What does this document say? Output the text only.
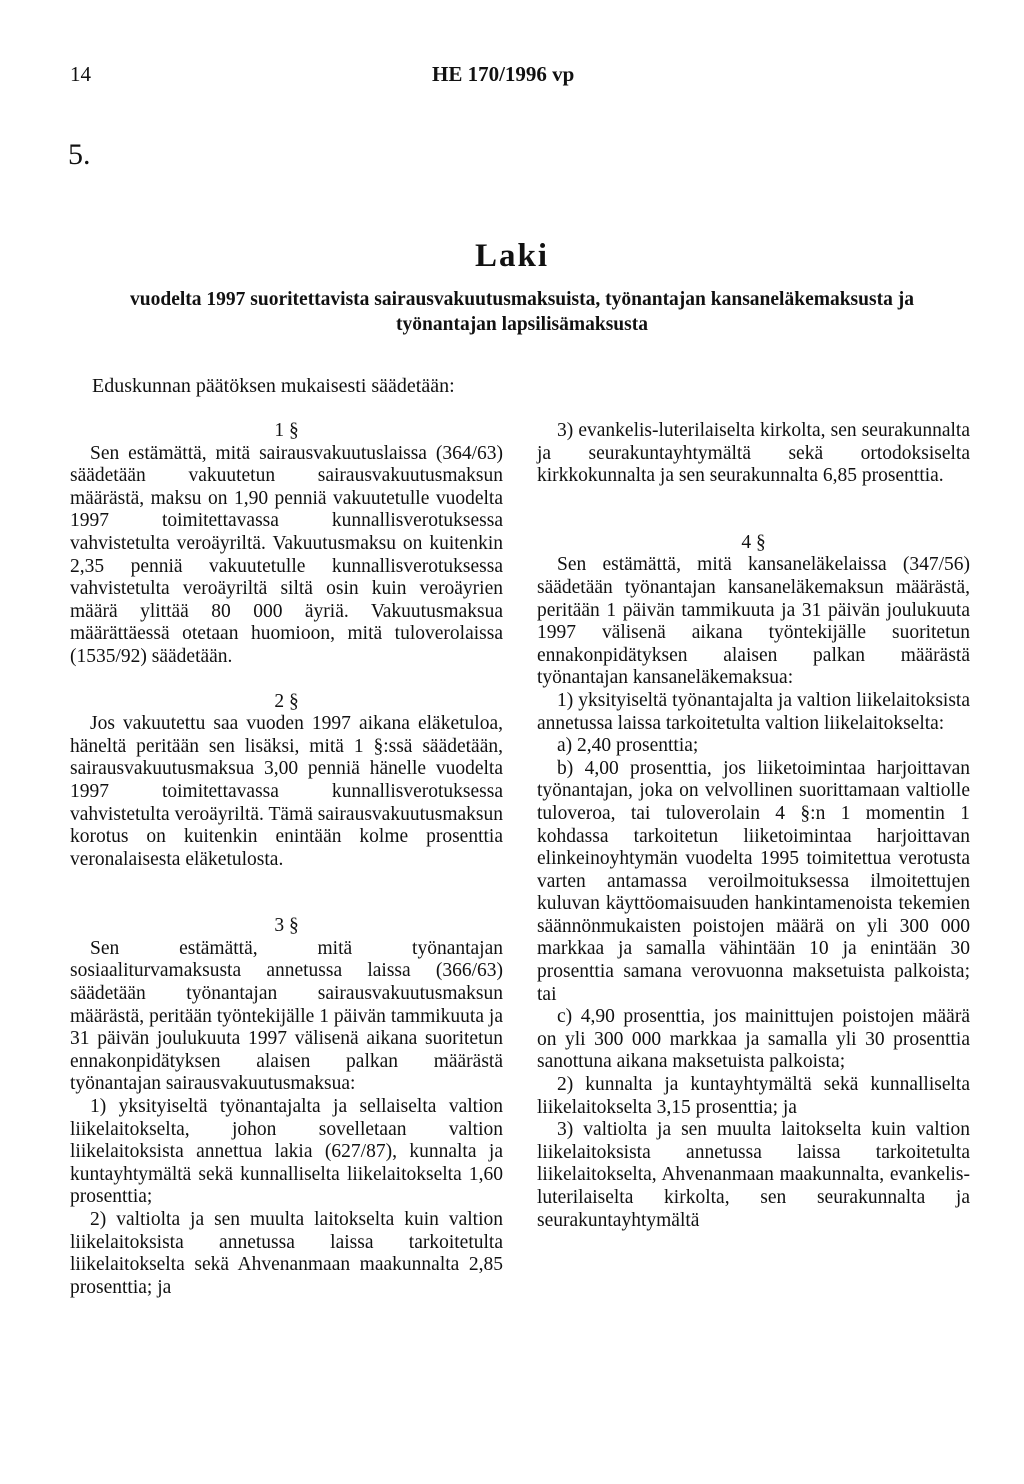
14	HE 170/1996 vp
5.
Laki
vuodelta 1997 suoritettavista sairausvakuutusmaksuista, työnantajan kansaneläkemaksusta ja
työnantajan lapsilisämaksusta
Eduskunnan päätöksen mukaisesti säädetään:
1 §

Sen estämättä, mitä sairausvakuutuslaissa (364/63) säädetään vakuutetun sairausvakuutusmaksun määrästä, maksu on 1,90 penniä vakuutetulle vuodelta 1997 toimitettavassa kunnallisverotuksessa vahvistetulta veroäyriltä. Vakuutusmaksu on kuitenkin 2,35 penniä vakuutetulle kunnallisverotuksessa vahvistetulta veroäyriltä siltä osin kuin veroäyrien määrä ylittää 80 000 äyriä. Vakuutusmaksua määrättäessä otetaan huomioon, mitä tuloverolaissa (1535/92) säädetään.

2 §

Jos vakuutettu saa vuoden 1997 aikana eläketuloa, häneltä peritään sen lisäksi, mitä 1 §:ssä säädetään, sairausvakuutusmaksua 3,00 penniä hänelle vuodelta 1997 toimitettavassa kunnallisverotuksessa vahvistetulta veroäyriltä. Tämä sairausvakuutusmaksun korotus on kuitenkin enintään kolme prosenttia veronalaisesta eläketulosta.

3 §

Sen estämättä, mitä työnantajan sosiaaliturvamaksusta annetussa laissa (366/63) säädetään työnantajan sairausvakuutusmaksun määrästä, peritään työntekijälle 1 päivän tammikuuta ja 31 päivän joulukuuta 1997 välisenä aikana suoritetun ennakonpidätyksen alaisen palkan määrästä työnantajan sairausvakuutusmaksua:

1) yksityiseltä työnantajalta ja sellaiselta valtion liikelaitokselta, johon sovelletaan valtion liikelaitoksista annettua lakia (627/87), kunnalta ja kuntayhtymältä sekä kunnalliselta liikelaitokselta 1,60 prosenttia;

2) valtiolta ja sen muulta laitokselta kuin valtion liikelaitoksista annetussa laissa tarkoitetulta liikelaitokselta sekä Ahvenanmaan maakunnalta 2,85 prosenttia; ja

3) evankelis-luterilaiselta kirkolta, sen seurakunnalta ja seurakuntayhtymältä sekä ortodoksiselta kirkkokunnalta ja sen seurakunnalta 6,85 prosenttia.

4 §

Sen estämättä, mitä kansaneläkelaissa (347/56) säädetään työnantajan kansaneläkemaksun määrästä, peritään 1 päivän tammikuuta ja 31 päivän joulukuuta 1997 välisenä aikana työntekijälle suoritetun ennakonpidätyksen alaisen palkan määrästä työnantajan kansaneläkemaksua:

1) yksityiseltä työnantajalta ja valtion liikelaitoksista annetussa laissa tarkoitetulta valtion liikelaitokselta:

a) 2,40 prosenttia;

b) 4,00 prosenttia, jos liiketoimintaa harjoittavan työnantajan, joka on velvollinen suorittamaan valtiolle tuloveroa, tai tuloverolain 4 §:n 1 momentin 1 kohdassa tarkoitetun liiketoimintaa harjoittavan elinkeinoyhtymän vuodelta 1995 toimitettua verotusta varten antamassa veroilmoituksessa ilmoitettujen kuluvan käyttöomaisuuden hankintamenoista tekemien säännönmukaisten poistojen määrä on yli 300 000 markkaa ja samalla vähintään 10 ja enintään 30 prosenttia samana verovuonna maksetuista palkoista; tai

c) 4,90 prosenttia, jos mainittujen poistojen määrä on yli 300 000 markkaa ja samalla yli 30 prosenttia sanottuna aikana maksetuista palkoista;

2) kunnalta ja kuntayhtymältä sekä kunnalliselta liikelaitokselta 3,15 prosenttia; ja

3) valtiolta ja sen muulta laitokselta kuin valtion liikelaitoksista annetussa laissa tarkoitetulta liikelaitokselta, Ahvenanmaan maakunnalta, evankelis-luterilaiselta kirkolta, sen seurakunnalta ja seurakuntayhtymältä
